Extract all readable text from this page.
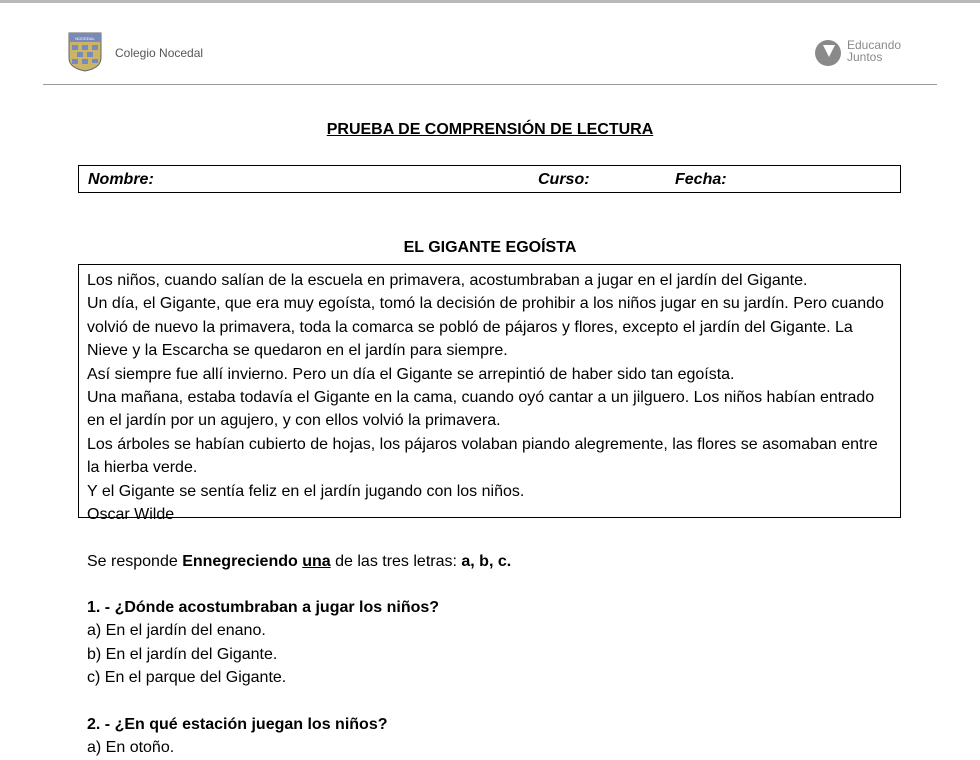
NOCEDAL
Colegio Nocedal
Educando
Juntos
PRUEBA DE COMPRENSIÓN DE LECTURA
Nombre:	Curso:	Fecha:
EL GIGANTE EGOÍSTA

Los niños, cuando salían de la escuela en primavera, acostumbraban a jugar en el jardín del Gigante.

Un día, el Gigante, que era muy egoísta, tomó la decisión de prohibir a los niños jugar en su jardín. Pero cuando volvió de nuevo la primavera, toda la comarca se pobló de pájaros y flores, excepto el jardín del Gigante. La Nieve y la Escarcha se quedaron en el jardín para siempre.

Así siempre fue allí invierno. Pero un día el Gigante se arrepintió de haber sido tan egoísta.

Una mañana, estaba todavía el Gigante en la cama, cuando oyó cantar a un jilguero. Los niños habían entrado en el jardín por un agujero, y con ellos volvió la primavera.

Los árboles se habían cubierto de hojas, los pájaros volaban piando alegremente, las flores se asomaban entre la hierba verde.

Y el Gigante se sentía feliz en el jardín jugando con los niños.

Oscar Wilde

Se responde Ennegreciendo una de las tres letras: a, b, c.

1. - ¿Dónde acostumbraban a jugar los niños?

a) En el jardín del enano.

b) En el jardín del Gigante.

c) En el parque del Gigante.

2. - ¿En qué estación juegan los niños?

a) En otoño.
